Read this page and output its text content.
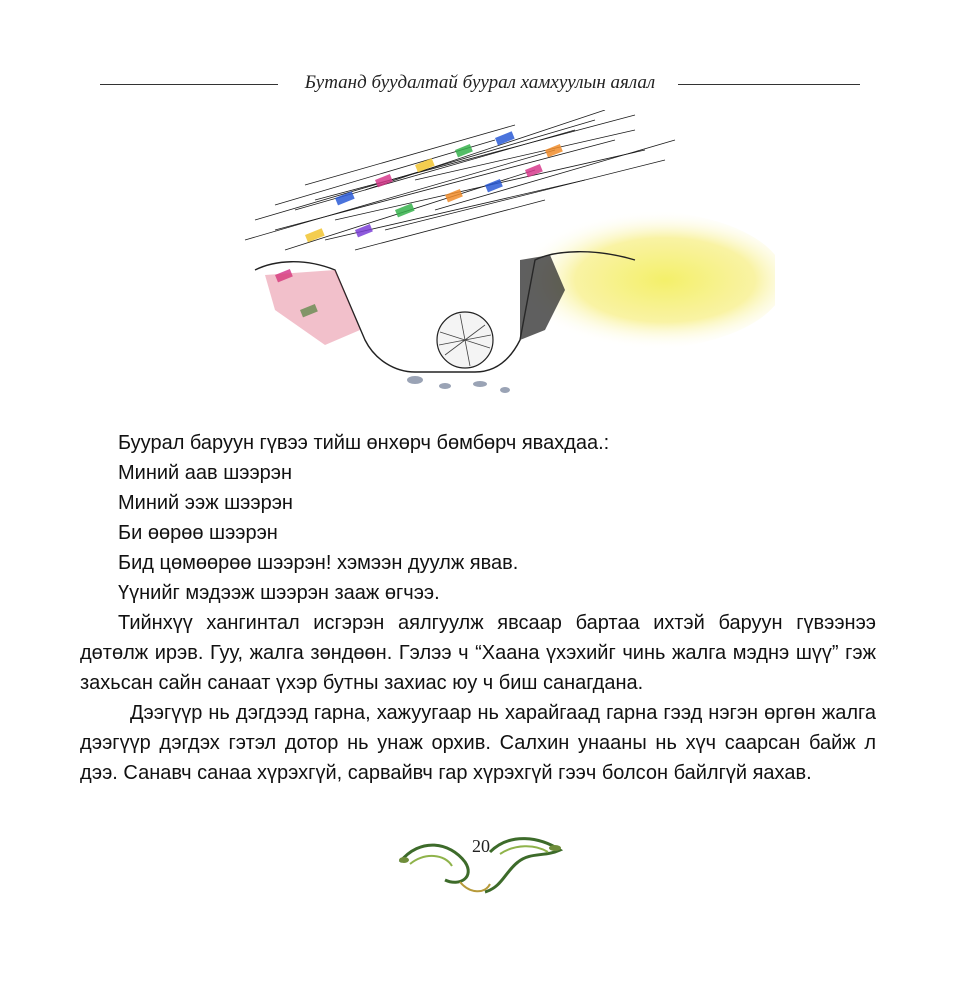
Бутанд буудалтай буурал хамхуулын аялал

Буурал баруун гүвээ тийш өнхөрч бөмбөрч явахдаа.:

Миний аав шээрэн

Миний ээж шээрэн

Би өөрөө шээрэн

Бид цөмөөрөө шээрэн! хэмээн дуулж явав.

Үүнийг мэдээж шээрэн зааж өгчээ.

Тийнхүү хангинтал исгэрэн аялгуулж явсаар бартаа ихтэй баруун гүвээнээ дөтөлж ирэв. Гуу, жалга зөндөөн. Гэлээ ч “Хаана үхэхийг чинь жалга мэднэ шүү” гэж захьсан сайн санаат үхэр бутны захиас юу ч биш санагдана.

Дээгүүр нь дэгдээд гарна, хажуугаар нь харайгаад гарна гээд нэгэн өргөн жалга дээгүүр дэгдэх гэтэл дотор нь унаж орхив. Салхин унааны нь хүч саарсан байж л дээ. Санавч санаа хүрэхгүй, сарвайвч гар хүрэхгүй гээч болсон байлгүй яахав.

20
